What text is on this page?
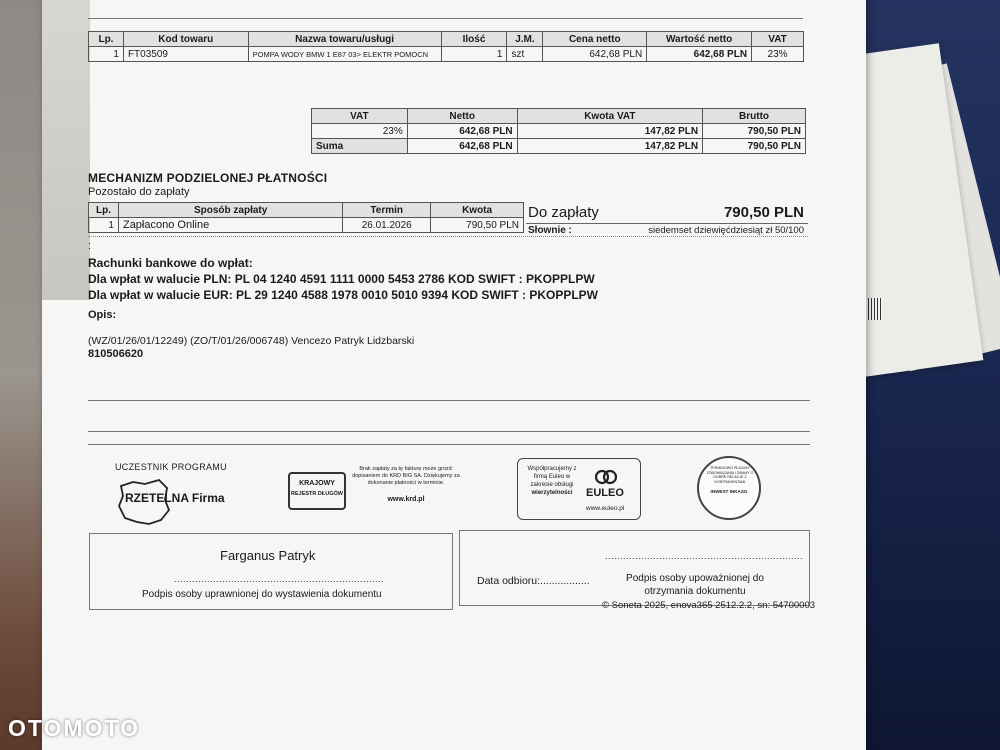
Lp.	Kod towaru	Nazwa towaru/usługi	Ilość	J.M.	Cena netto	Wartość netto	VAT
1	FT03509	POMPA WODY BMW 1 E87 03> ELEKTR POMOCN	1	szt	642,68 PLN	642,68 PLN	23%
VAT	Netto	Kwota VAT	Brutto
23%	642,68 PLN	147,82 PLN	790,50 PLN
Suma	642,68 PLN	147,82 PLN	790,50 PLN
MECHANIZM PODZIELONEJ PŁATNOŚCI
Pozostało do zapłaty
Lp.	Sposób zapłaty	Termin	Kwota
1	Zapłacono Online	26.01.2026	790,50 PLN
Do zapłaty	790,50 PLN
Słownie :	siedemset dziewięćdziesiąt zł 50/100
:
Rachunki bankowe do wpłat:
Dla wpłat w walucie PLN: PL 04 1240 4591 1111 0000 5453 2786 KOD SWIFT : PKOPPLPW
Dla wpłat w walucie EUR: PL 29 1240 4588 1978 0010 5010 9394 KOD SWIFT : PKOPPLPW
Opis:
(WZ/01/26/01/12249) (ZO/T/01/26/006748) Vencezo Patryk Lidzbarski
810506620
UCZESTNIK PROGRAMU
RZETELNA Firma
KRAJOWY
REJESTR DŁUGÓW
Brak zapłaty za tę fakturę może grozić dopisaniem do KRD BIG SA. Dziękujemy za dokonanie płatności w terminie.
www.krd.pl
Współpracujemy z firmą Euleo w zakresie obsługi
wierzytelności	EULEO
www.euleo.pl
TERMINOWO PŁACIMY ZOBOWIĄZANIA I DBAMY O DOBRE RELACJE Z KONTRAHENTAMI
INWEST INKASO
Farganus Patryk
......................................................................
Podpis osoby uprawnionej do wystawienia dokumentu
..................................................................
Data odbioru:.................	Podpis osoby upoważnionej do otrzymania dokumentu
© Soneta 2025, enova365 2512.2.2, sn: 54700003
OTOMOTO
